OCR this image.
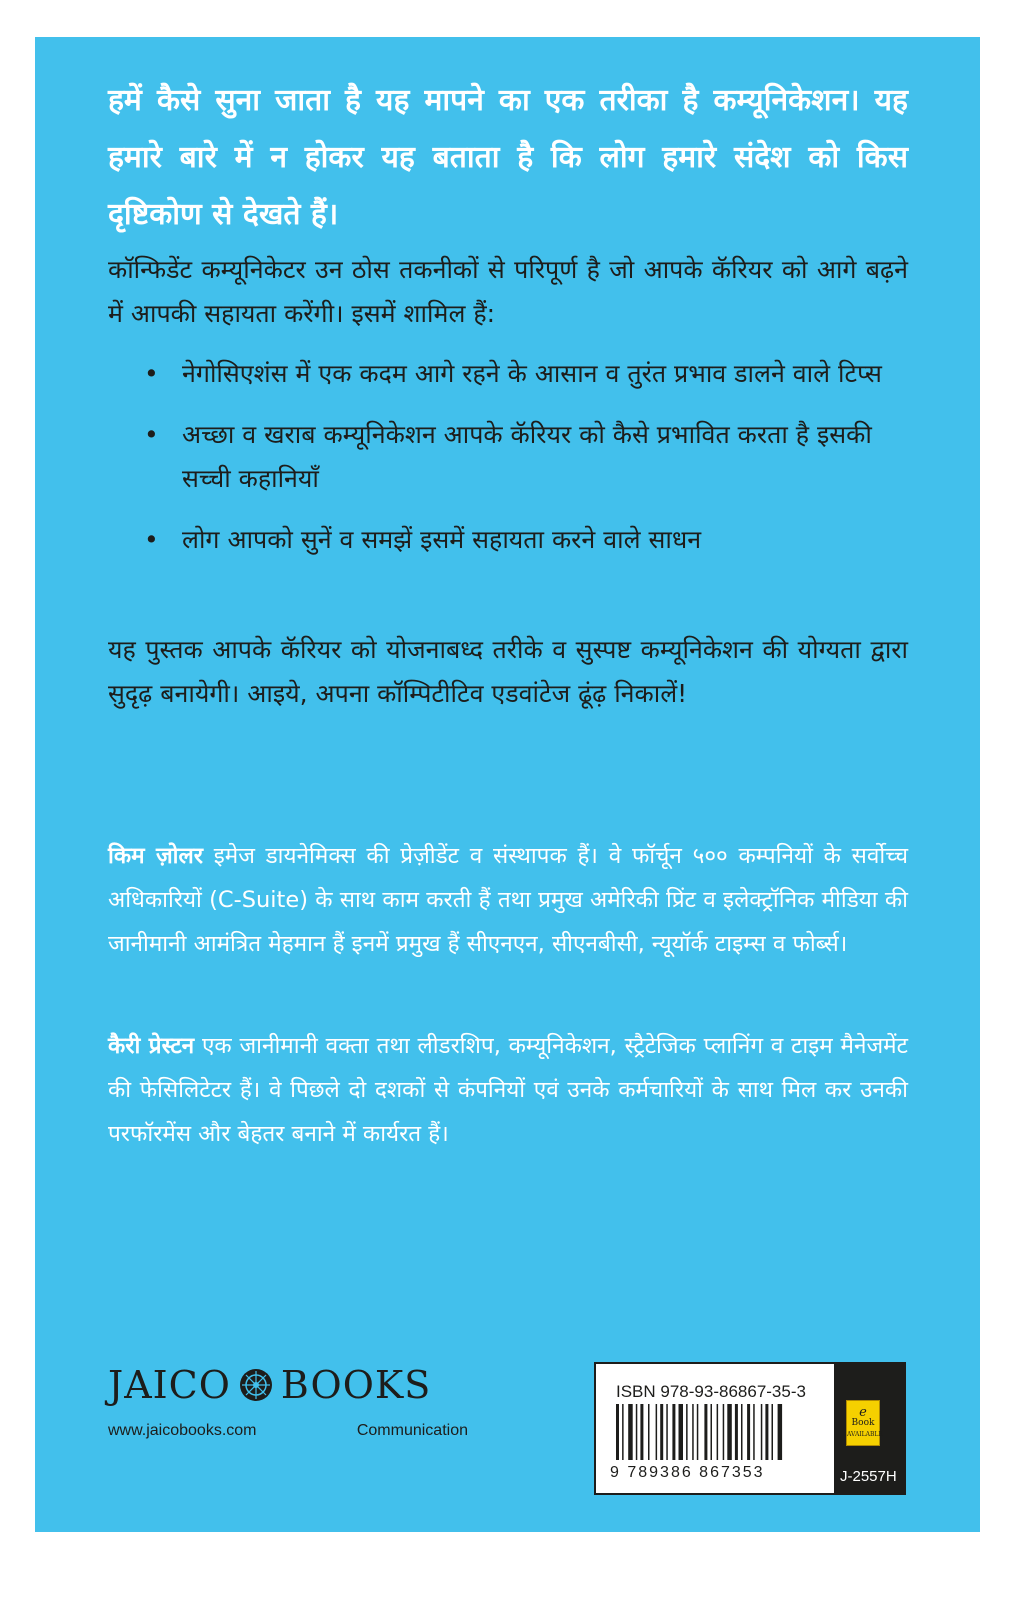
हमें कैसे सुना जाता है यह मापने का एक तरीका है कम्यूनिकेशन। यह हमारे बारे में न होकर यह बताता है कि लोग हमारे संदेश को किस दृष्टिकोण से देखते हैं।
कॉन्फिडेंट कम्यूनिकेटर उन ठोस तकनीकों से परिपूर्ण है जो आपके कॅरियर को आगे बढ़ने में आपकी सहायता करेंगी। इसमें शामिल हैं:
• नेगोसिएशंस में एक कदम आगे रहने के आसान व तुरंत प्रभाव डालने वाले टिप्स
• अच्छा व खराब कम्यूनिकेशन आपके कॅरियर को कैसे प्रभावित करता है इसकी सच्ची कहानियाँ
• लोग आपको सुनें व समझें इसमें सहायता करने वाले साधन
यह पुस्तक आपके कॅरियर को योजनाबध्द तरीके व सुस्पष्ट कम्यूनिकेशन की योग्यता द्वारा सुदृढ़ बनायेगी। आइये, अपना कॉम्पिटीटिव एडवांटेज ढूंढ़ निकालें!
किम ज़ोलर इमेज डायनेमिक्स की प्रेज़ीडेंट व संस्थापक हैं। वे फॉर्चून ५०० कम्पनियों के सर्वोच्च अधिकारियों (C-Suite) के साथ काम करती हैं तथा प्रमुख अमेरिकी प्रिंट व इलेक्ट्रॉनिक मीडिया की जानीमानी आमंत्रित मेहमान हैं इनमें प्रमुख हैं सीएनएन, सीएनबीसी, न्यूयॉर्क टाइम्स व फोर्ब्स।
कैरी प्रेस्टन एक जानीमानी वक्ता तथा लीडरशिप, कम्यूनिकेशन, स्ट्रैटेजिक प्लानिंग व टाइम मैनेजमेंट की फेसिलिटेटर हैं। वे पिछले दो दशकों से कंपनियों एवं उनके कर्मचारियों के साथ मिल कर उनकी परफॉरमेंस और बेहतर बनाने में कार्यरत हैं।
JAICO BOOKS
www.jaicobooks.com	Communication
ISBN 978-93-86867-35-3
9 789386 867353
e
Book
AVAILABLE
J-2557H
